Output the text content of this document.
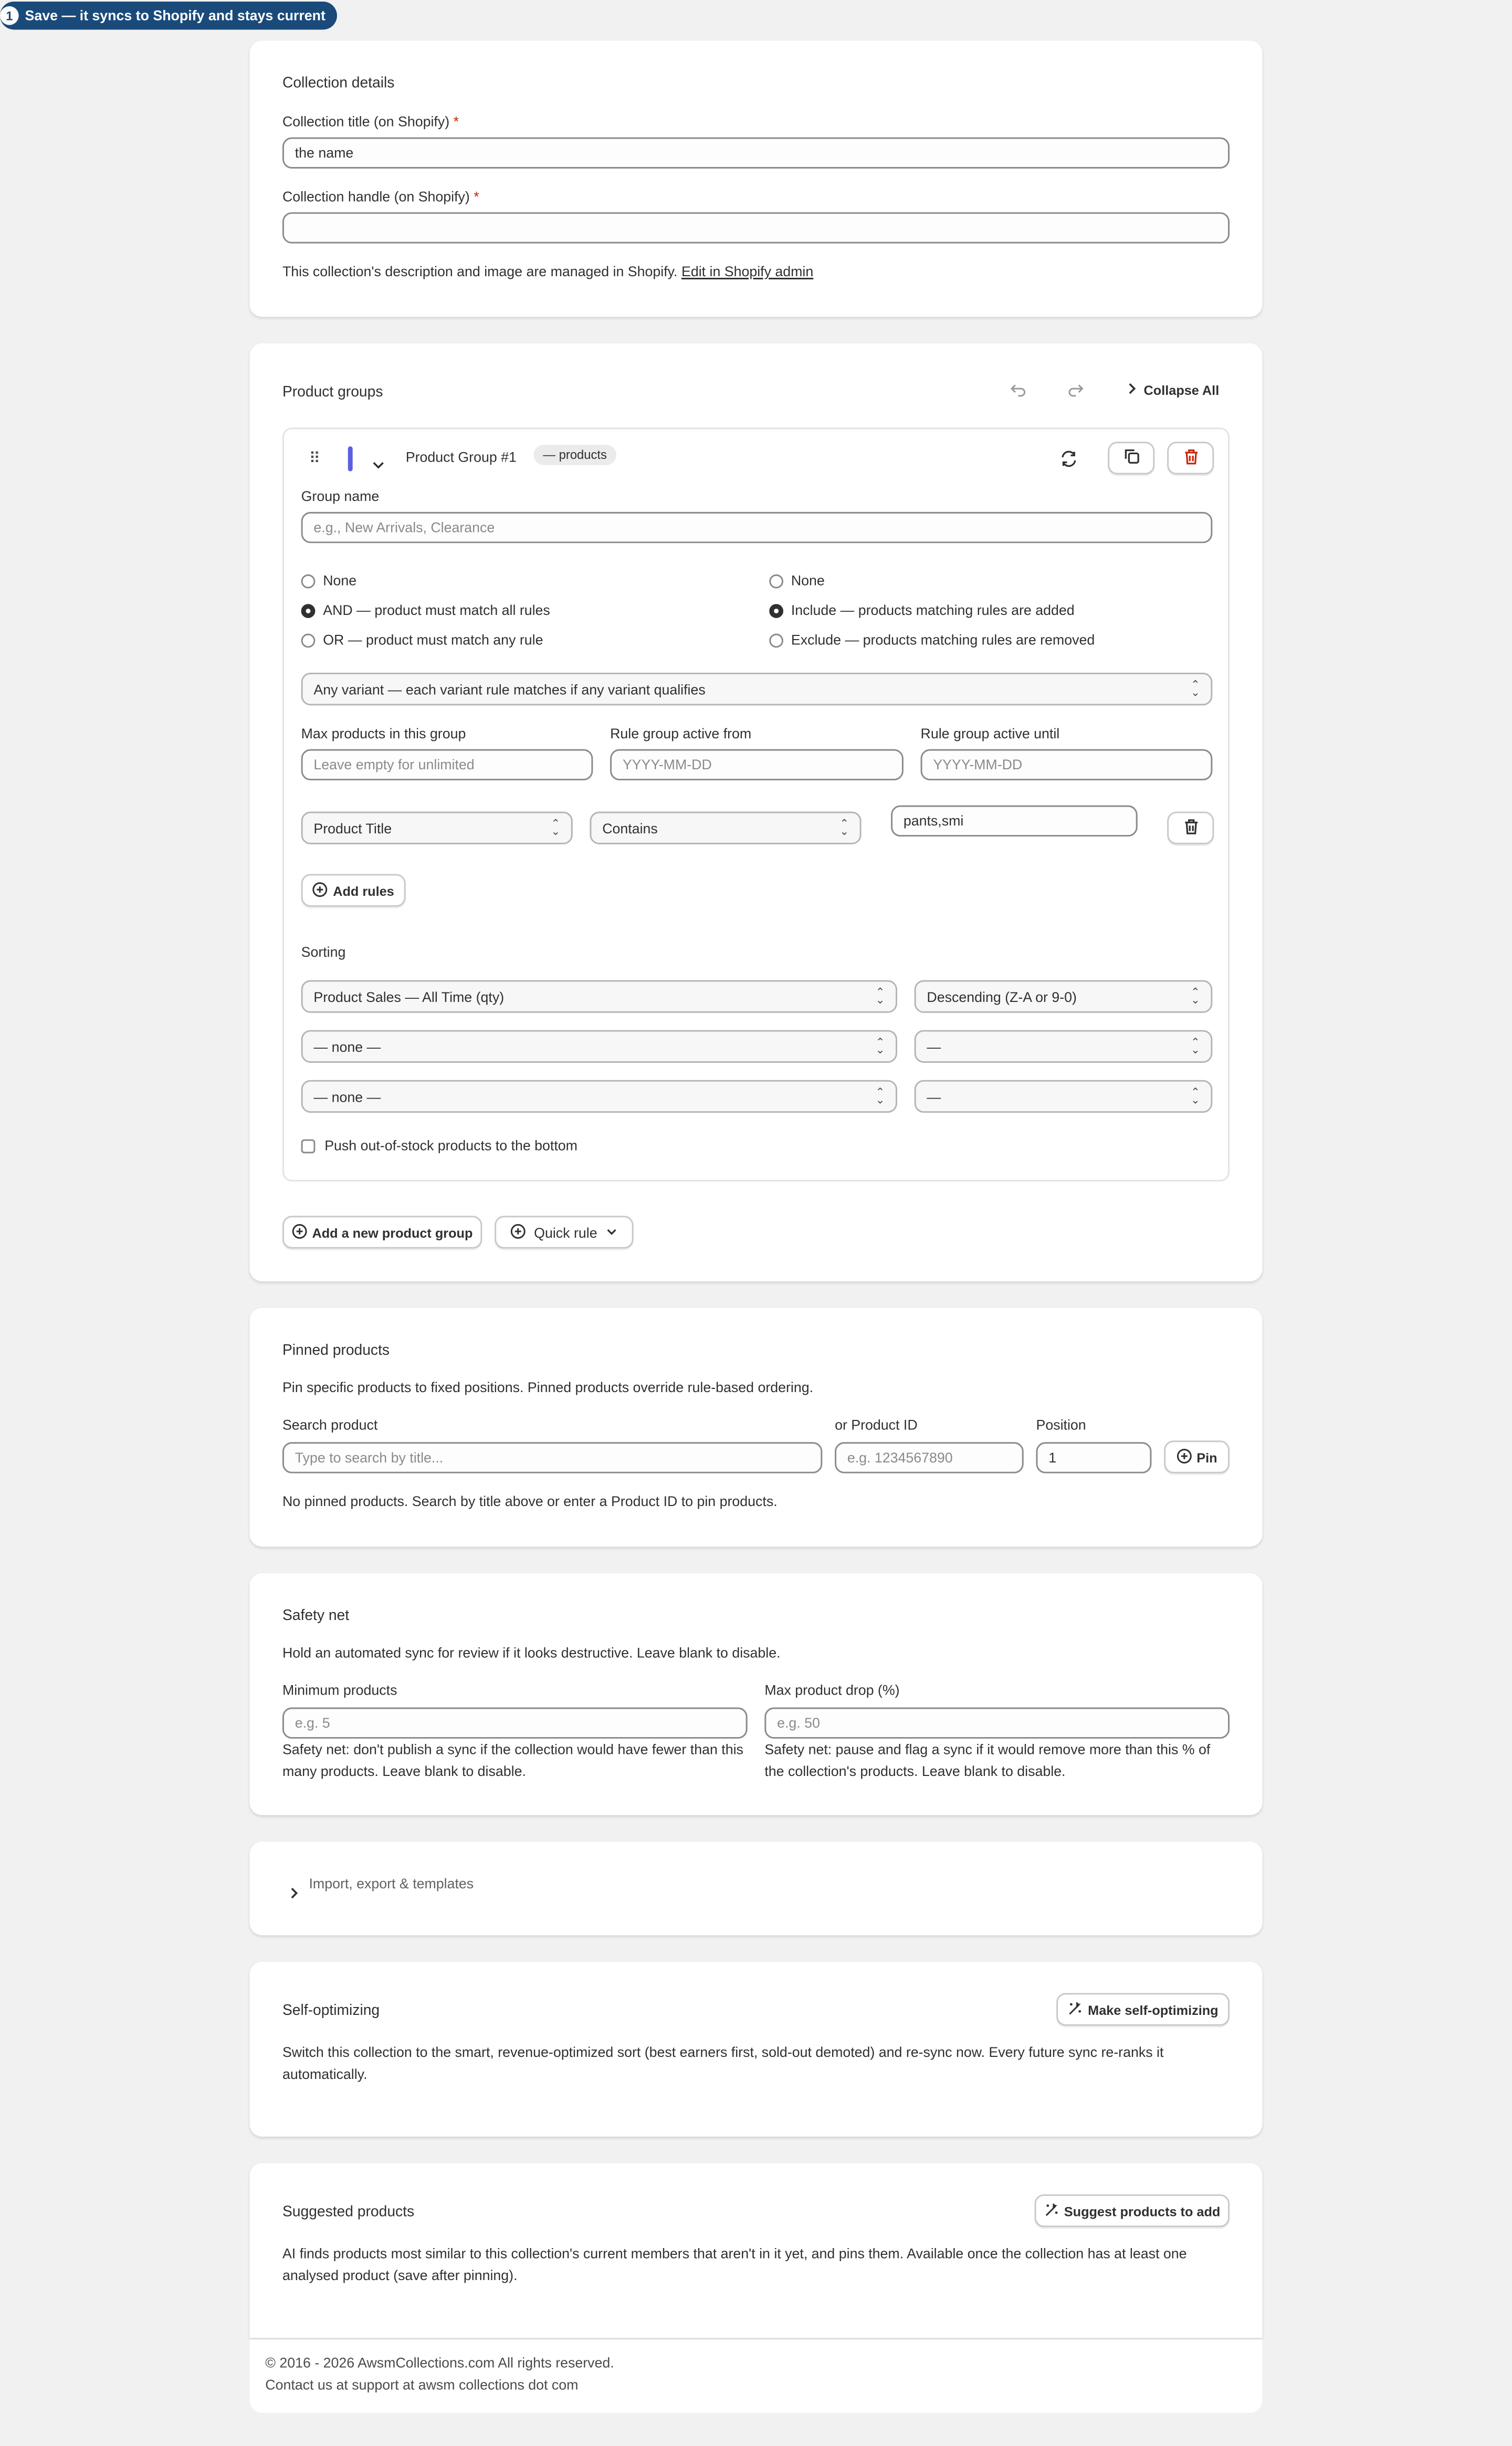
1	Save — it syncs to Shopify and stays current
Collection details
Collection title (on Shopify) *
the name
Collection handle (on Shopify) *
This collection's description and image are managed in Shopify. Edit in Shopify admin
Product groups	Collapse All
⠿	Product Group #1	— products
Group name
e.g., New Arrivals, Clearance
None
AND — product must match all rules
OR — product must match any rule
None
Include — products matching rules are added
Exclude — products matching rules are removed
Any variant — each variant rule matches if any variant qualifies	⌃
⌄
Max products in this group
Leave empty for unlimited
Rule group active from
YYYY-MM-DD
Rule group active until
YYYY-MM-DD
Product Title	⌃
⌄	Contains	⌃
⌄
pants,smi
Add rules
Sorting
Product Sales — All Time (qty)	⌃
⌄	Descending (Z-A or 9-0)	⌃
⌄
— none —	⌃
⌄	—	⌃
⌄
— none —	⌃
⌄	—	⌃
⌄
Push out-of-stock products to the bottom
Add a new product group	Quick rule
Pinned products
Pin specific products to fixed positions. Pinned products override rule-based ordering.
Search product
Type to search by title...
or Product ID
e.g. 1234567890
Position
1	Pin
No pinned products. Search by title above or enter a Product ID to pin products.
Safety net
Hold an automated sync for review if it looks destructive. Leave blank to disable.
Minimum products
e.g. 5
Safety net: don't publish a sync if the collection would have fewer than this many products. Leave blank to disable.
Max product drop (%)
e.g. 50
Safety net: pause and flag a sync if it would remove more than this % of the collection's products. Leave blank to disable.
Import, export & templates
Self-optimizing	Make self-optimizing
Switch this collection to the smart, revenue-optimized sort (best earners first, sold-out demoted) and re-sync now. Every future sync re-ranks it automatically.
Suggested products	Suggest products to add
AI finds products most similar to this collection's current members that aren't in it yet, and pins them. Available once the collection has at least one analysed product (save after pinning).
© 2016 - 2026 AwsmCollections.com All rights reserved.
Contact us at support at awsm collections dot com
